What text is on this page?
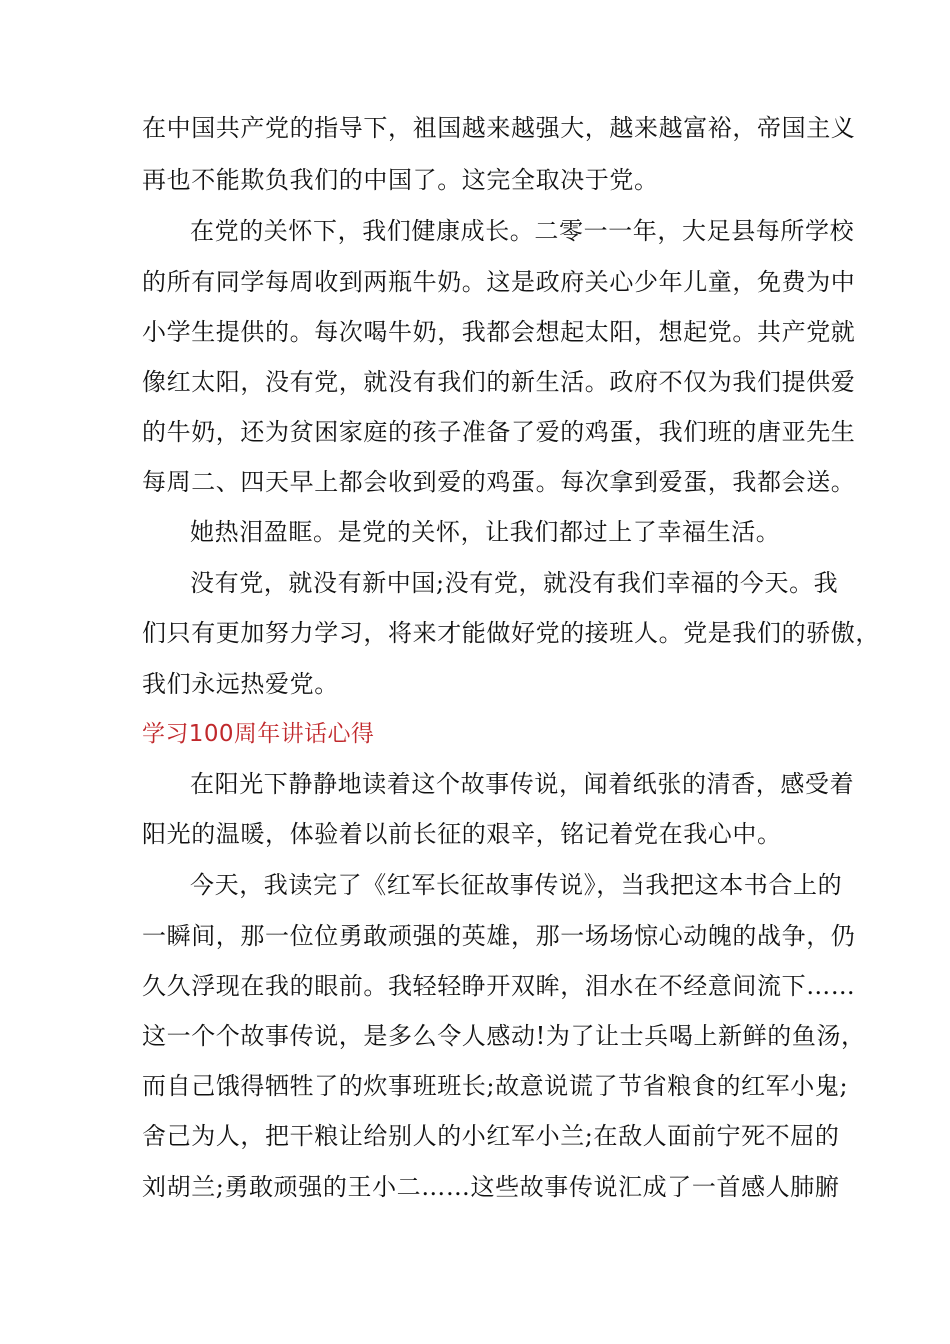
在中国共产党的指导下，祖国越来越强大，越来越富裕，帝国主义
再也不能欺负我们的中国了。这完全取决于党。
在党的关怀下，我们健康成长。二零一一年，大足县每所学校
的所有同学每周收到两瓶牛奶。这是政府关心少年儿童，免费为中
小学生提供的。每次喝牛奶，我都会想起太阳，想起党。共产党就
像红太阳，没有党，就没有我们的新生活。政府不仅为我们提供爱
的牛奶，还为贫困家庭的孩子准备了爱的鸡蛋，我们班的唐亚先生
每周二、四天早上都会收到爱的鸡蛋。每次拿到爱蛋，我都会送。
她热泪盈眶。是党的关怀，让我们都过上了幸福生活。
没有党，就没有新中国;没有党，就没有我们幸福的今天。我
们只有更加努力学习，将来才能做好党的接班人。党是我们的骄傲，
我们永远热爱党。
学习100周年讲话心得
在阳光下静静地读着这个故事传说，闻着纸张的清香，感受着
阳光的温暖，体验着以前长征的艰辛，铭记着党在我心中。
今天，我读完了《红军长征故事传说》，当我把这本书合上的
一瞬间，那一位位勇敢顽强的英雄，那一场场惊心动魄的战争，仍
久久浮现在我的眼前。我轻轻睁开双眸，泪水在不经意间流下……
这一个个故事传说，是多么令人感动!为了让士兵喝上新鲜的鱼汤，
而自己饿得牺牲了的炊事班班长;故意说谎了节省粮食的红军小鬼;
舍己为人，把干粮让给别人的小红军小兰;在敌人面前宁死不屈的
刘胡兰;勇敢顽强的王小二……这些故事传说汇成了一首感人肺腑
